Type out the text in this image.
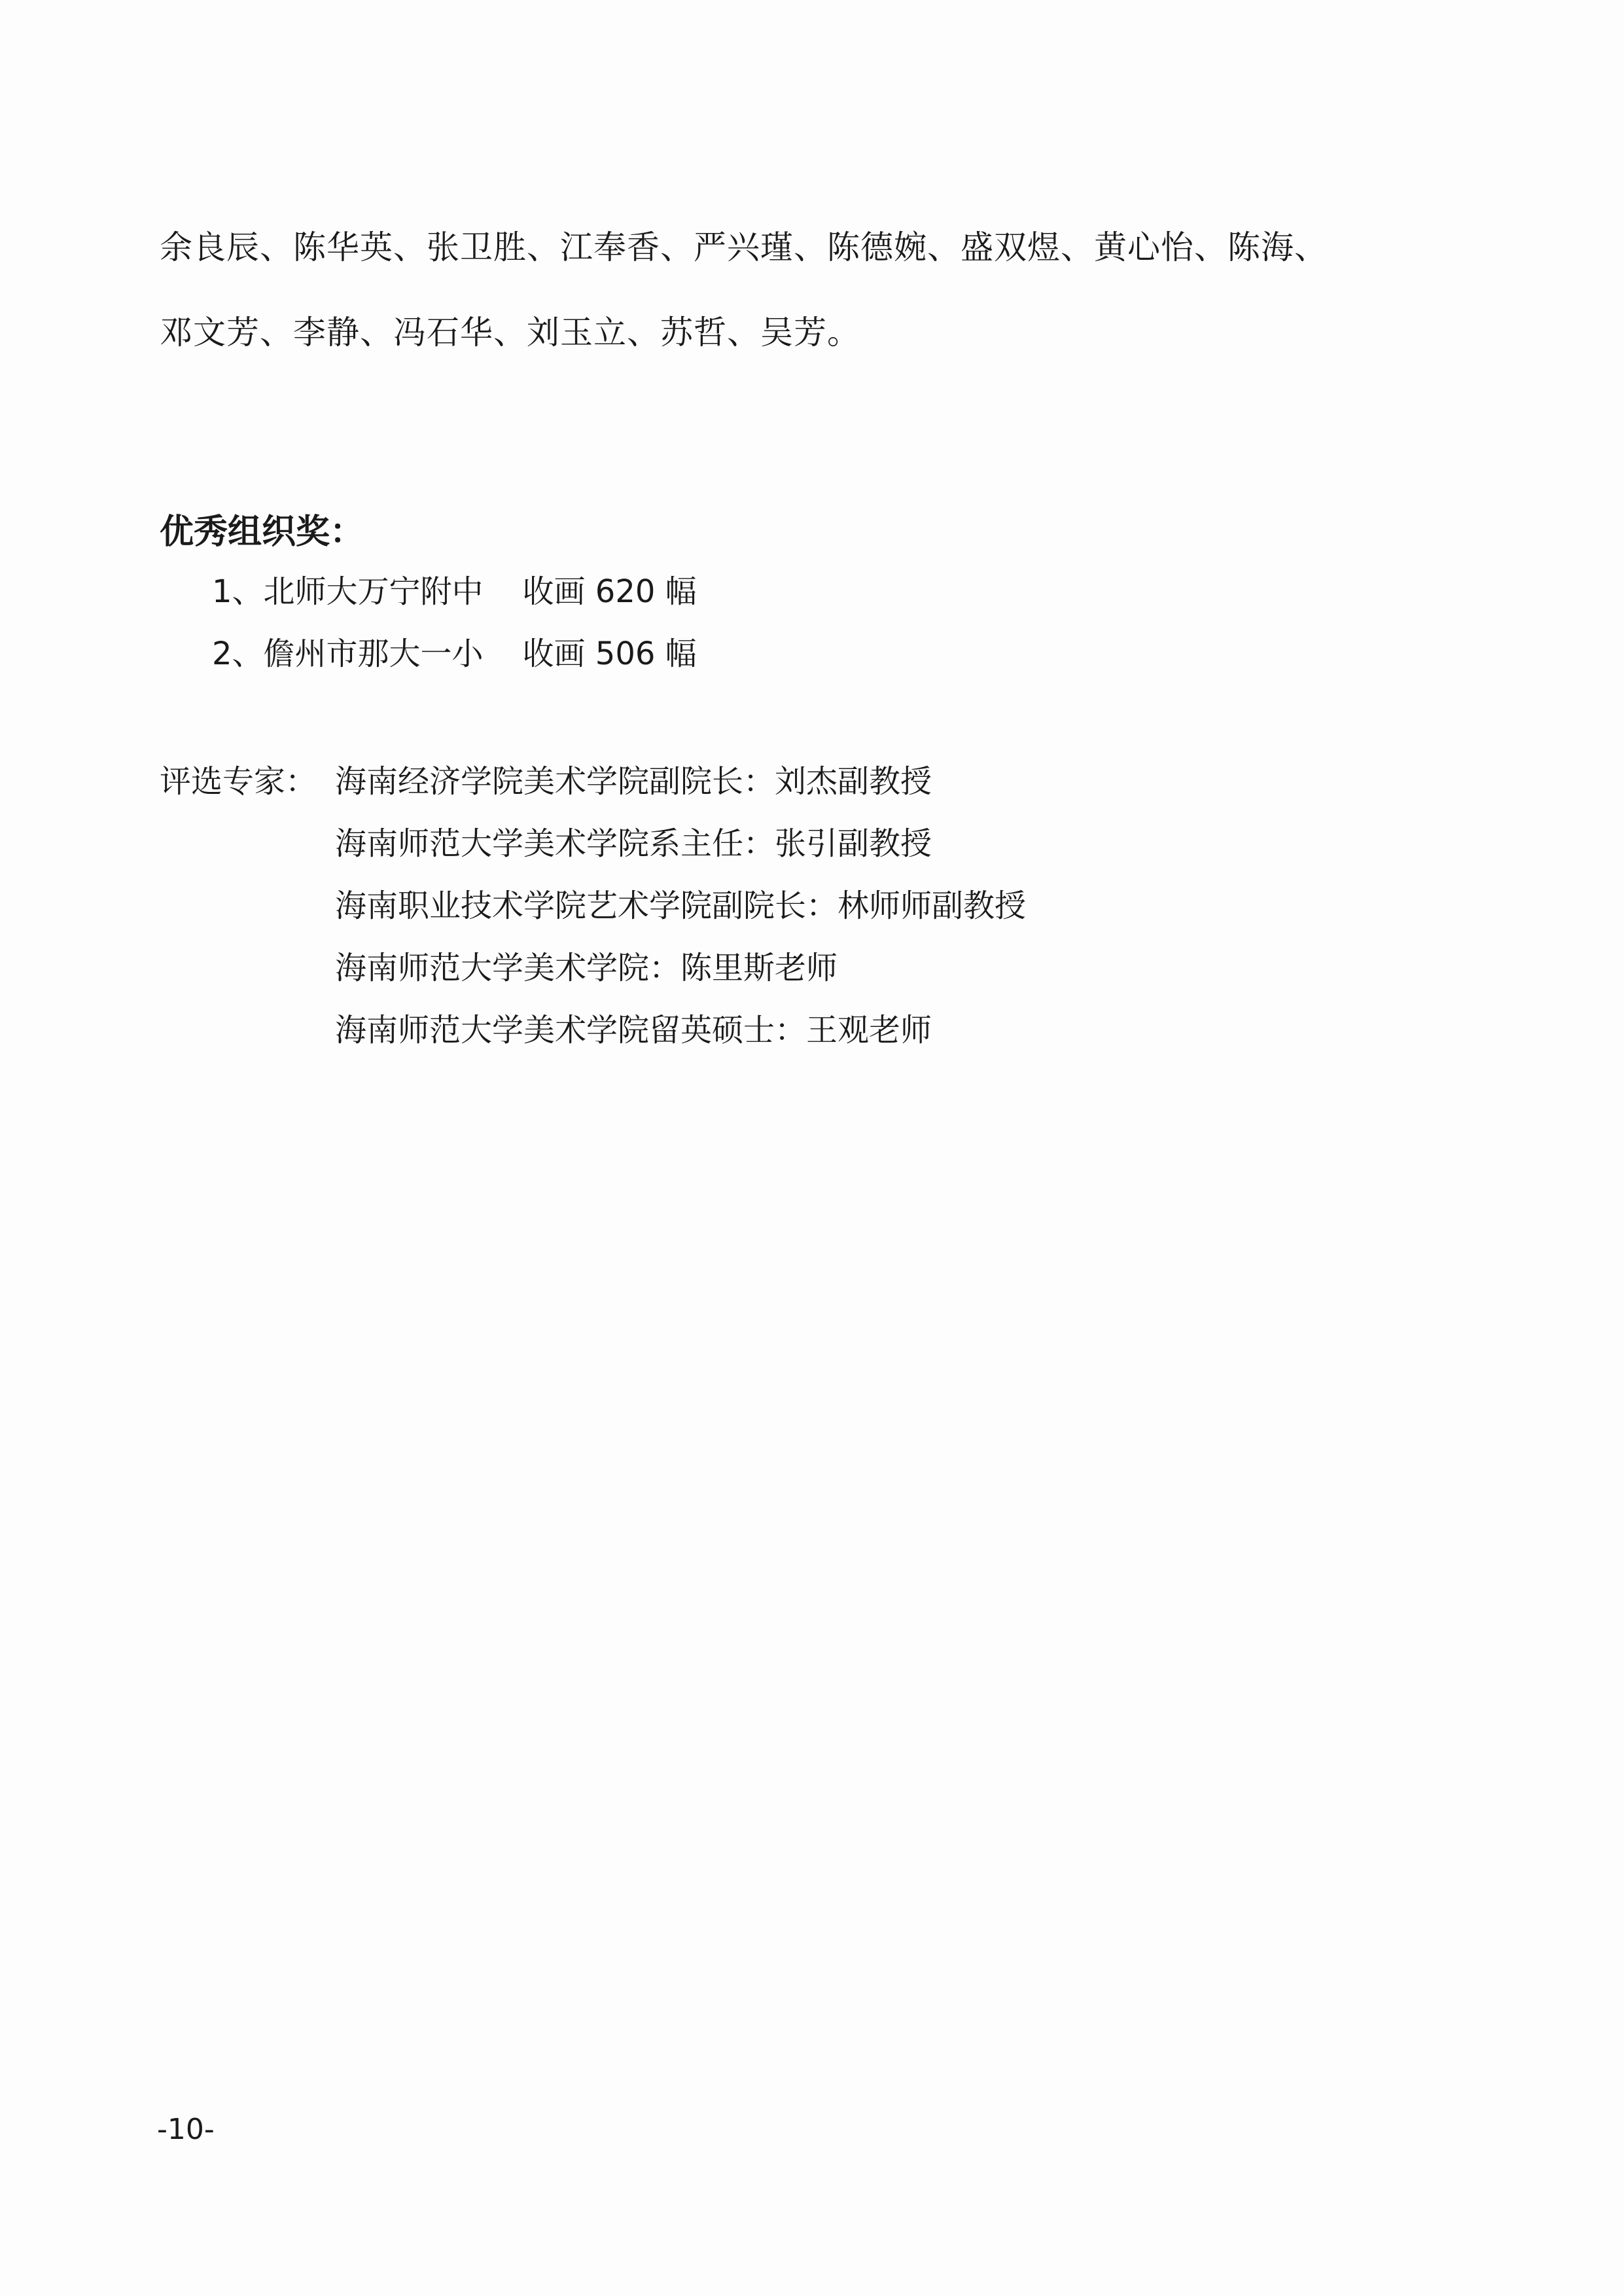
余良辰、陈华英、张卫胜、江奉香、严兴瑾、陈德婉、盛双煜、黄心怡、陈海、
邓文芳、李静、冯石华、刘玉立、苏哲、吴芳。
优秀组织奖：
1、北师大万宁附中 收画 620 幅
2、儋州市那大一小 收画 506 幅
评选专家： 海南经济学院美术学院副院长：刘杰副教授
海南师范大学美术学院系主任：张引副教授
海南职业技术学院艺术学院副院长：林师师副教授
海南师范大学美术学院：陈里斯老师
海南师范大学美术学院留英硕士：王观老师
-10-
